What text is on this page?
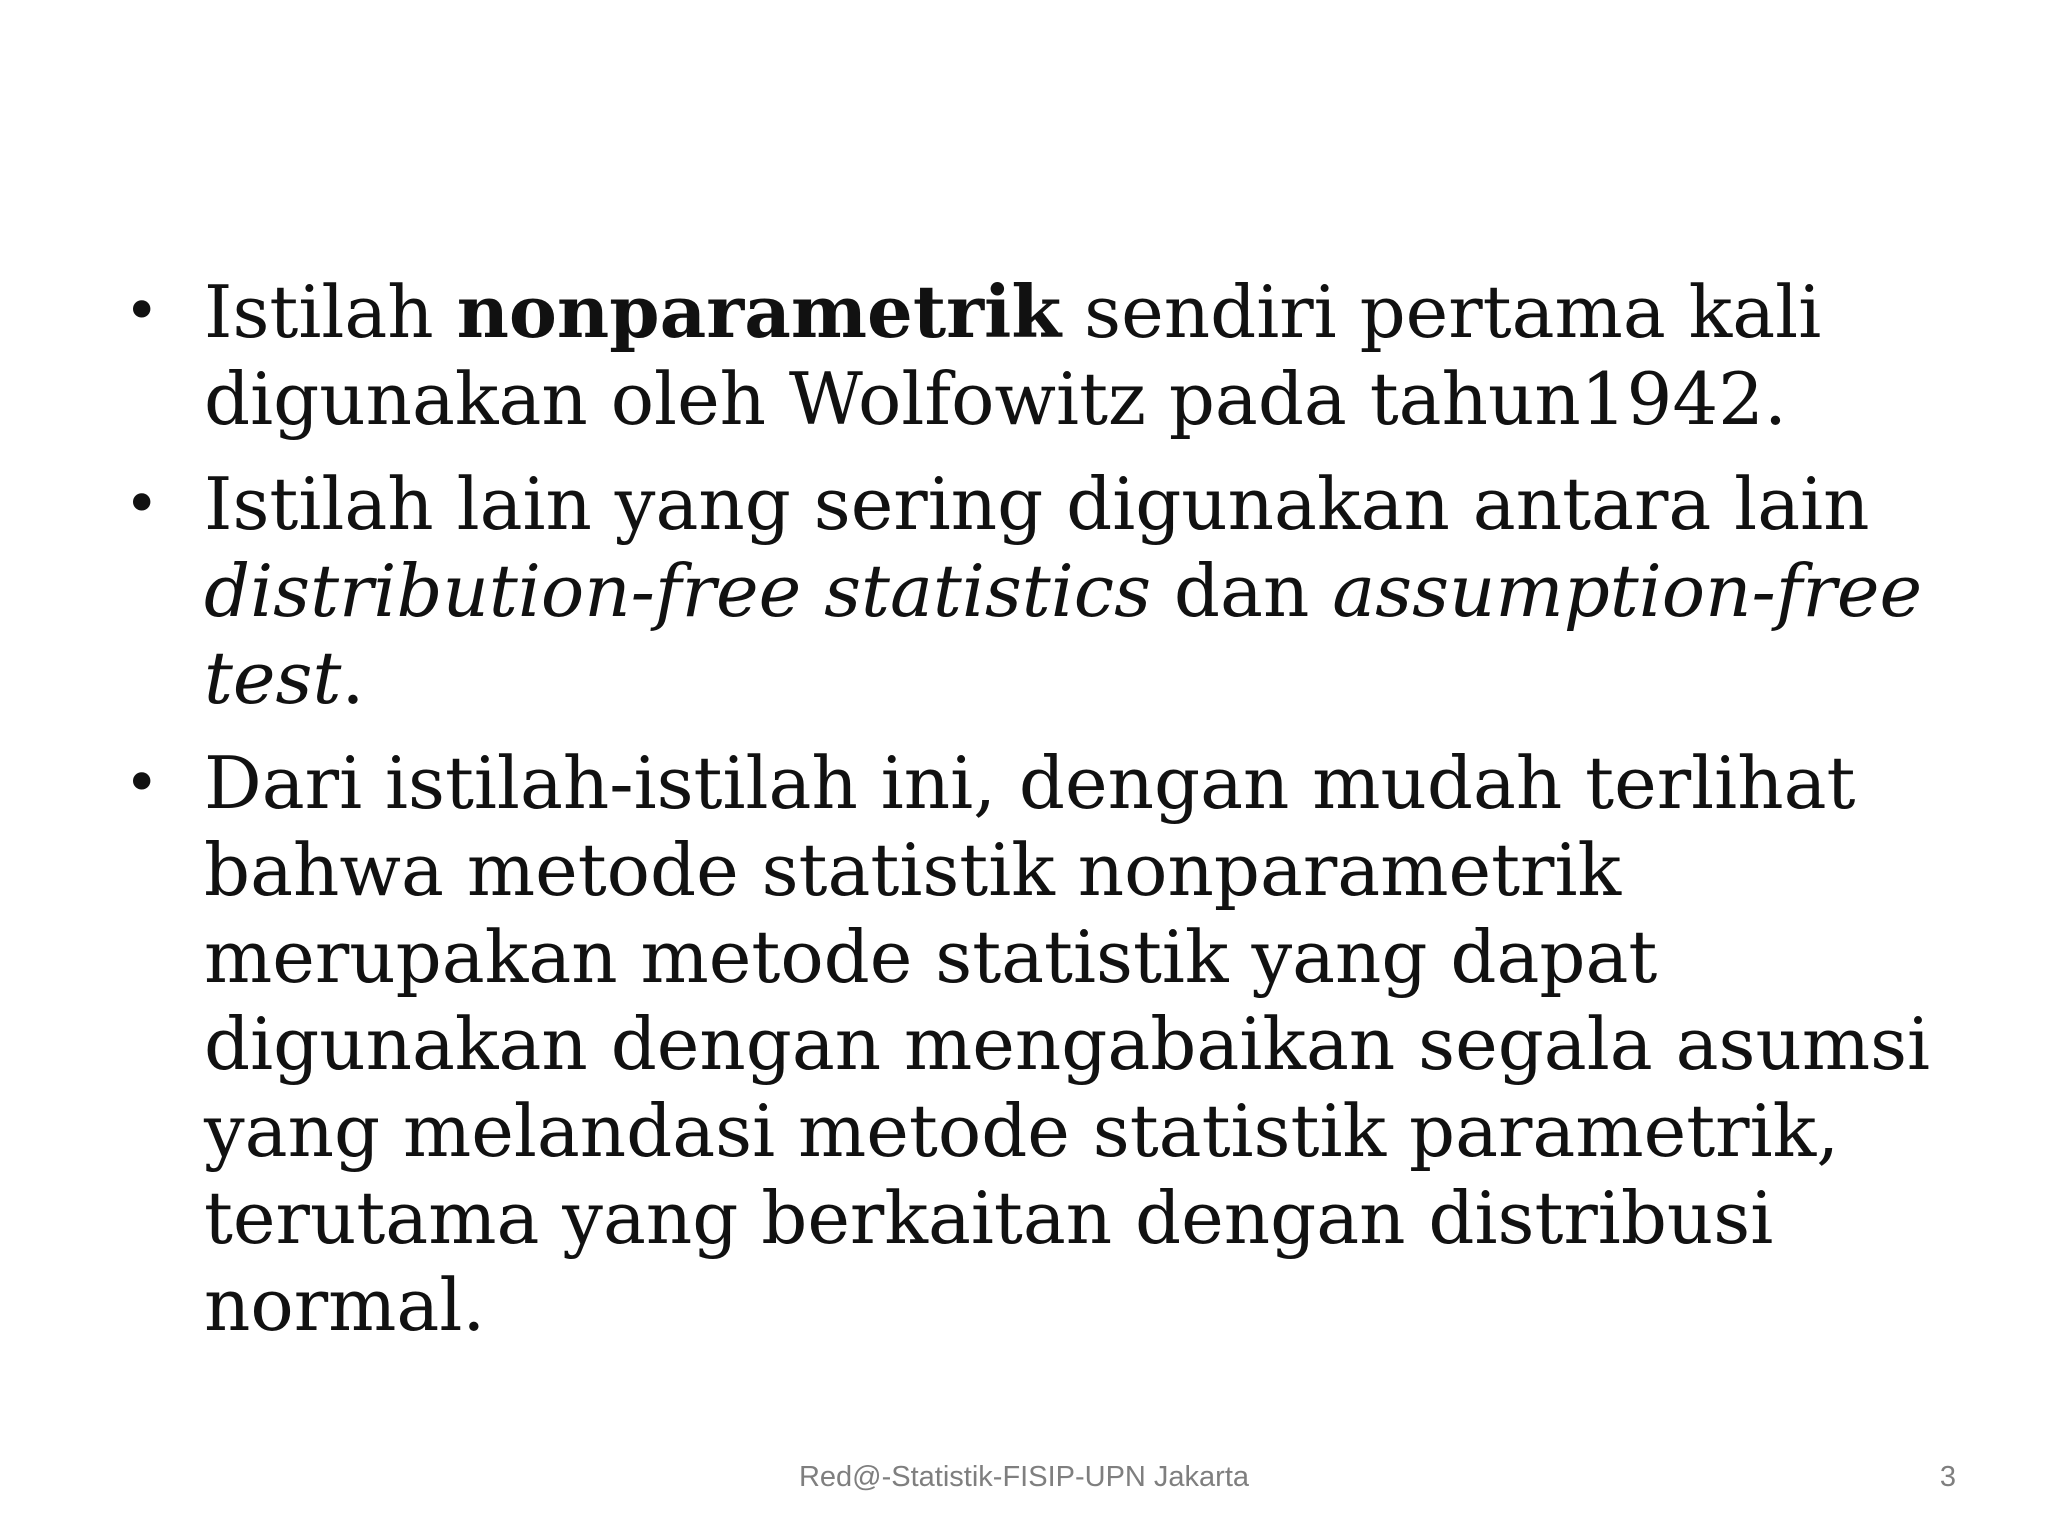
• Istilah nonparametrik sendiri pertama kali digunakan oleh Wolfowitz pada tahun1942.
• Istilah lain yang sering digunakan antara lain distribution-free statistics dan assumption-free test.
• Dari istilah-istilah ini, dengan mudah terlihat bahwa metode statistik nonparametrik merupakan metode statistik yang dapat digunakan dengan mengabaikan segala asumsi yang melandasi metode statistik parametrik, terutama yang berkaitan dengan distribusi normal.
Red@-Statistik-FISIP-UPN Jakarta	3
